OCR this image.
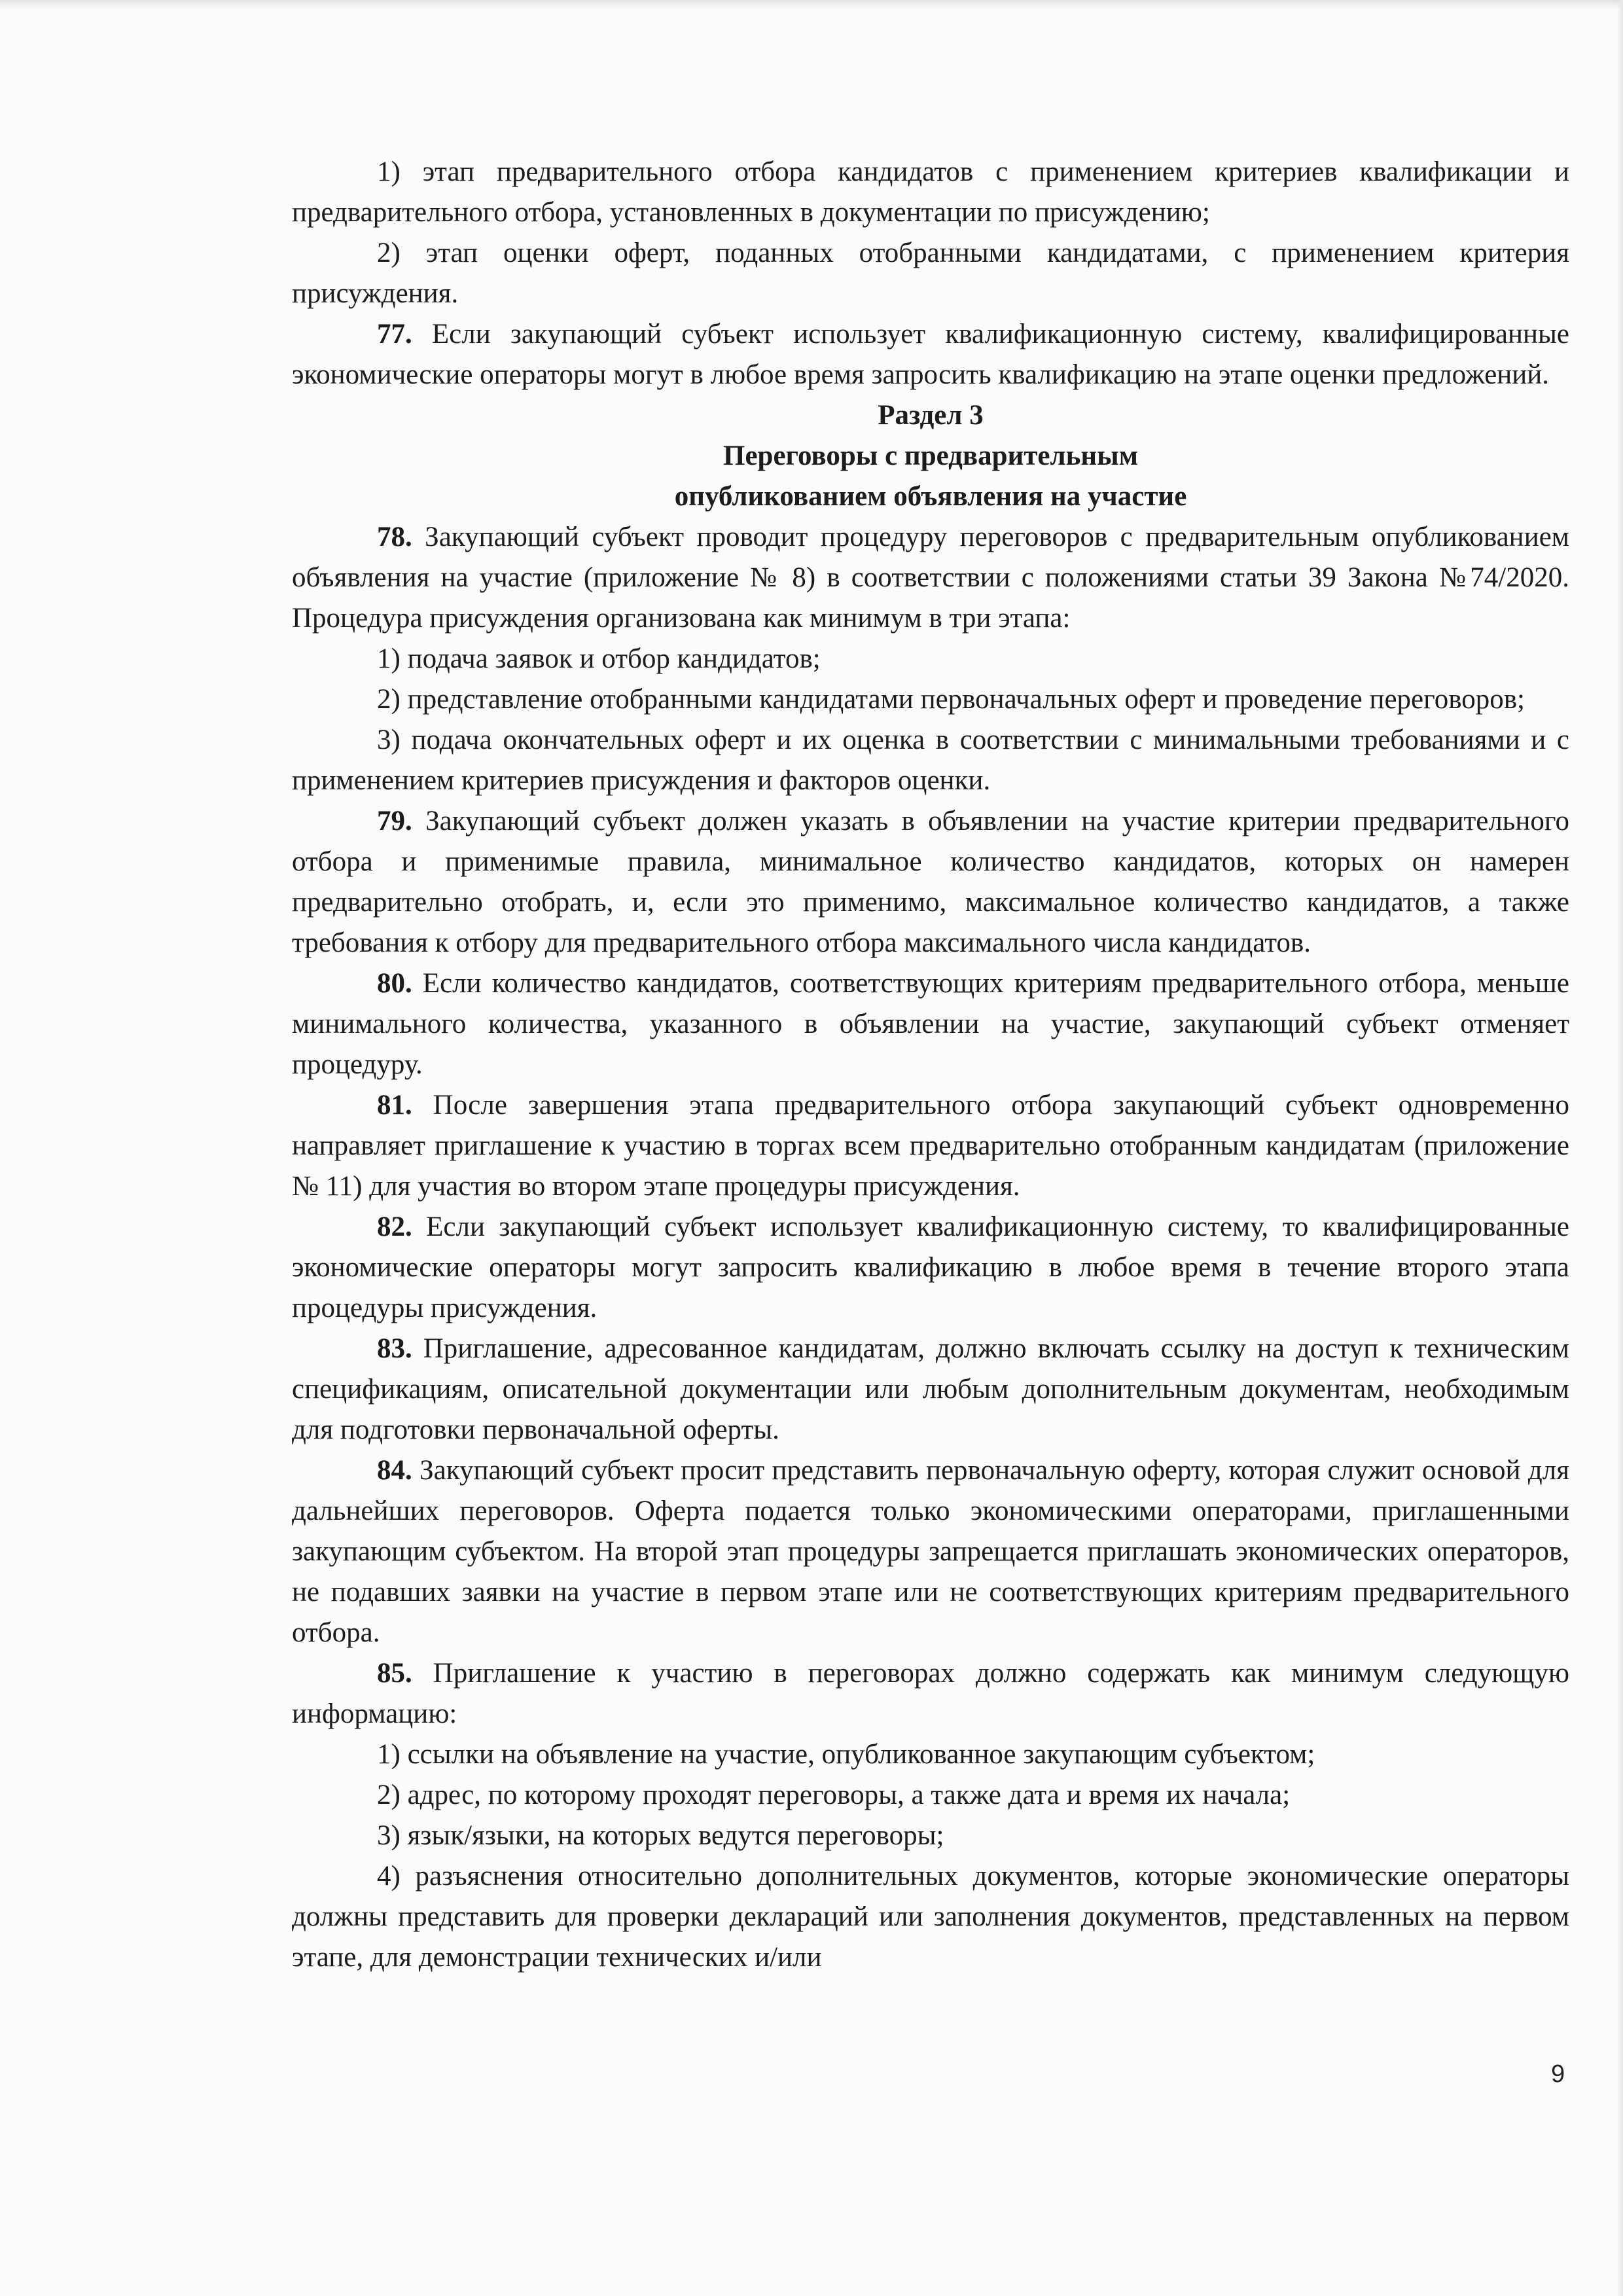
1) этап предварительного отбора кандидатов с применением критериев квалификации и предварительного отбора, установленных в документации по присуждению;

2) этап оценки оферт, поданных отобранными кандидатами, с применением критерия присуждения.

77. Если закупающий субъект использует квалификационную систему, квалифицированные экономические операторы могут в любое время запросить квалификацию на этапе оценки предложений.

Раздел 3

Переговоры с предварительным

опубликованием объявления на участие

78. Закупающий субъект проводит процедуру переговоров с предварительным опубликованием объявления на участие (приложение № 8) в соответствии с положениями статьи 39 Закона №74/2020. Процедура присуждения организована как минимум в три этапа:

1) подача заявок и отбор кандидатов;

2) представление отобранными кандидатами первоначальных оферт и проведение переговоров;

3) подача окончательных оферт и их оценка в соответствии с минимальными требованиями и с применением критериев присуждения и факторов оценки.

79. Закупающий субъект должен указать в объявлении на участие критерии предварительного отбора и применимые правила, минимальное количество кандидатов, которых он намерен предварительно отобрать, и, если это применимо, максимальное количество кандидатов, а также требования к отбору для предварительного отбора максимального числа кандидатов.

80. Если количество кандидатов, соответствующих критериям предварительного отбора, меньше минимального количества, указанного в объявлении на участие, закупающий субъект отменяет процедуру.

81. После завершения этапа предварительного отбора закупающий субъект одновременно направляет приглашение к участию в торгах всем предварительно отобранным кандидатам (приложение № 11) для участия во втором этапе процедуры присуждения.

82. Если закупающий субъект использует квалификационную систему, то квалифицированные экономические операторы могут запросить квалификацию в любое время в течение второго этапа процедуры присуждения.

83. Приглашение, адресованное кандидатам, должно включать ссылку на доступ к техническим спецификациям, описательной документации или любым дополнительным документам, необходимым для подготовки первоначальной оферты.

84. Закупающий субъект просит представить первоначальную оферту, которая служит основой для дальнейших переговоров. Оферта подается только экономическими операторами, приглашенными закупающим субъектом. На второй этап процедуры запрещается приглашать экономических операторов, не подавших заявки на участие в первом этапе или не соответствующих критериям предварительного отбора.

85. Приглашение к участию в переговорах должно содержать как минимум следующую информацию:

1) ссылки на объявление на участие, опубликованное закупающим субъектом;

2) адрес, по которому проходят переговоры, а также дата и время их начала;

3) язык/языки, на которых ведутся переговоры;

4) разъяснения относительно дополнительных документов, которые экономические операторы должны представить для проверки деклараций или заполнения документов, представленных на первом этапе, для демонстрации технических и/или

9
